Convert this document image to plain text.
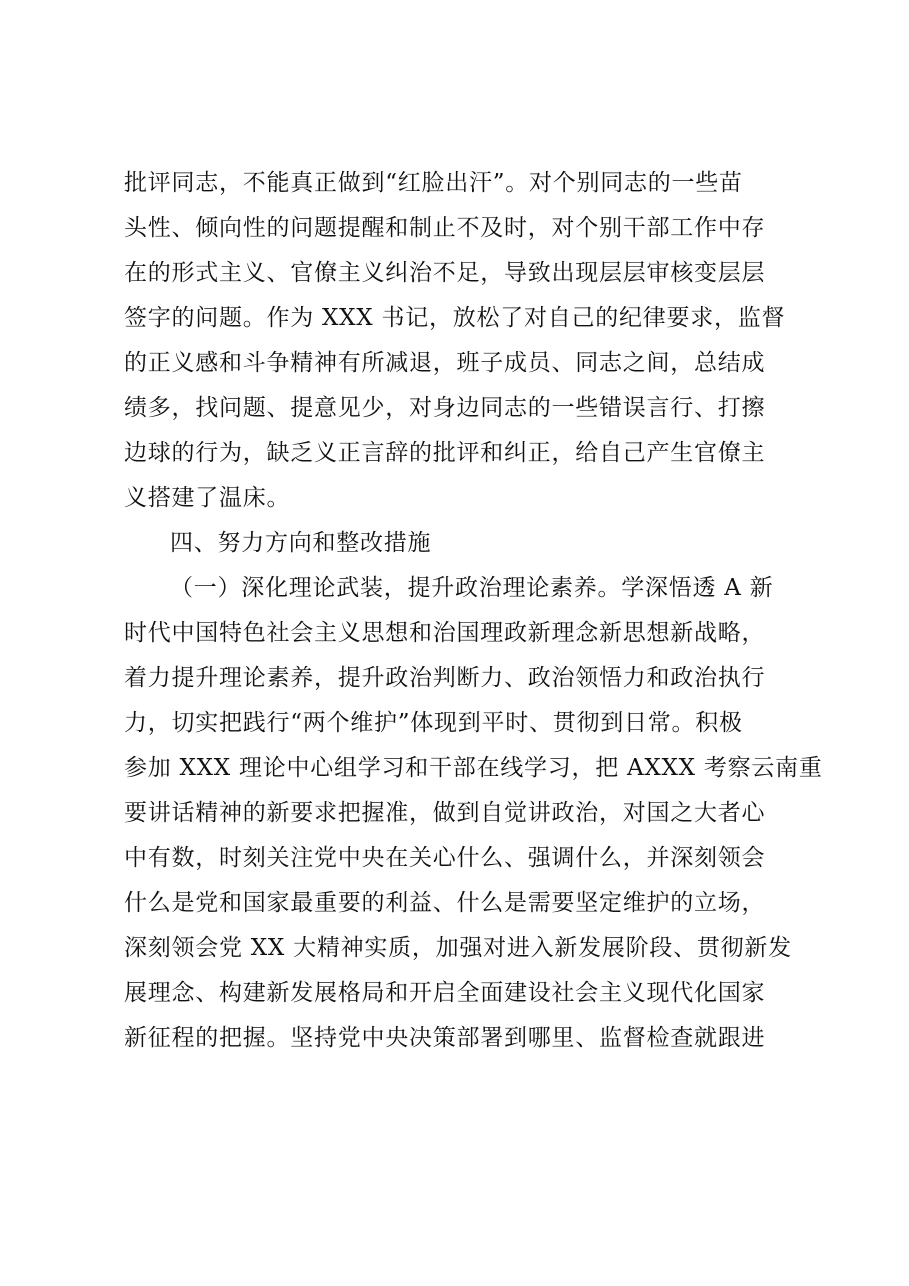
批评同志，不能真正做到“红脸出汗”。对个别同志的一些苗
头性、倾向性的问题提醒和制止不及时，对个别干部工作中存
在的形式主义、官僚主义纠治不足，导致出现层层审核变层层
签字的问题。作为 XXX 书记，放松了对自己的纪律要求，监督
的正义感和斗争精神有所减退，班子成员、同志之间，总结成
绩多，找问题、提意见少，对身边同志的一些错误言行、打擦
边球的行为，缺乏义正言辞的批评和纠正，给自己产生官僚主
义搭建了温床。
四、努力方向和整改措施
（一）深化理论武装，提升政治理论素养。学深悟透 A 新
时代中国特色社会主义思想和治国理政新理念新思想新战略，
着力提升理论素养，提升政治判断力、政治领悟力和政治执行
力，切实把践行“两个维护”体现到平时、贯彻到日常。积极
参加 XXX 理论中心组学习和干部在线学习，把 AXXX 考察云南重
要讲话精神的新要求把握准，做到自觉讲政治，对国之大者心
中有数，时刻关注党中央在关心什么、强调什么，并深刻领会
什么是党和国家最重要的利益、什么是需要坚定维护的立场，
深刻领会党 XX 大精神实质，加强对进入新发展阶段、贯彻新发
展理念、构建新发展格局和开启全面建设社会主义现代化国家
新征程的把握。坚持党中央决策部署到哪里、监督检查就跟进
